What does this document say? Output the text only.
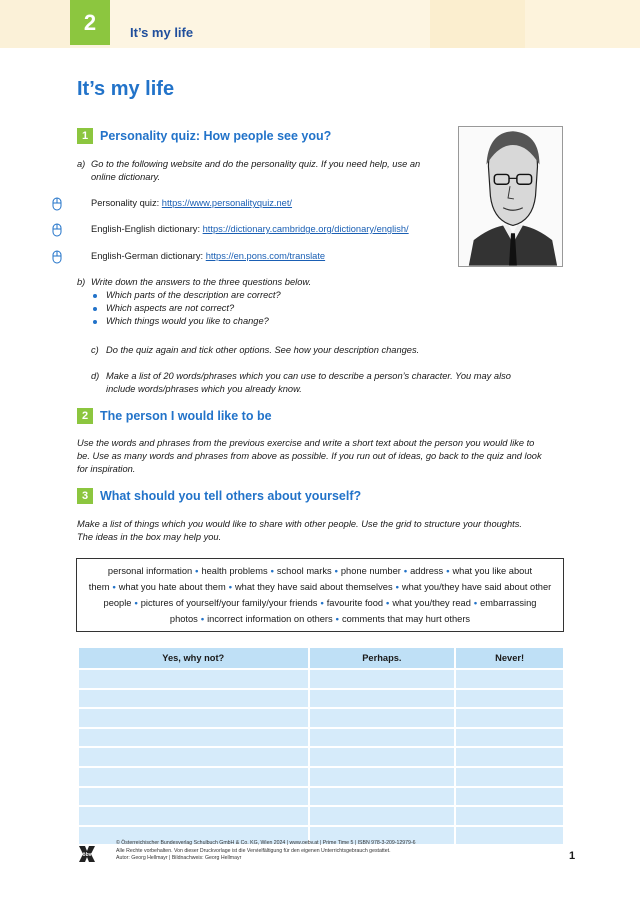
2	It’s my life
It’s my life
1 Personality quiz: How people see you?
a) Go to the following website and do the personality quiz. If you need help, use an
online dictionary.
Personality quiz: https://www.personalityquiz.net/
English-English dictionary: https://dictionary.cambridge.org/dictionary/english/
English-German dictionary: https://en.pons.com/translate
b) Write down the answers to the three questions below.
Which parts of the description are correct?
Which aspects are not correct?
Which things would you like to change?
c) Do the quiz again and tick other options. See how your description changes.
d) Make a list of 20 words/phrases which you can use to describe a person’s character. You may also
include words/phrases which you already know.
2 The person I would like to be
Use the words and phrases from the previous exercise and write a short text about the person you would like to
be. Use as many words and phrases from above as possible. If you run out of ideas, go back to the quiz and look
for inspiration.
3 What should you tell others about yourself?
Make a list of things which you would like to share with other people. Use the grid to structure your thoughts.
The ideas in the box may help you.
personal information • health problems • school marks • phone number • address • what you like about them • what you hate about them • what they have said about themselves • what you/they have said about other people • pictures of yourself/your family/your friends • favourite food • what you/they read • embarrassing photos • incorrect information on others • comments that may hurt others
Yes, why not?	Perhaps.	Never!

öbv
© Österreichischer Bundesverlag Schulbuch GmbH & Co. KG, Wien 2024 | www.oebv.at | Prime Time 5 | ISBN 978-3-209-12979-6
Alle Rechte vorbehalten. Von dieser Druckvorlage ist die Vervielfältigung für den eigenen Unterrichtsgebrauch gestattet.
Autor: Georg Hellmayr | Bildnachweis: Georg Hellmayr	1
